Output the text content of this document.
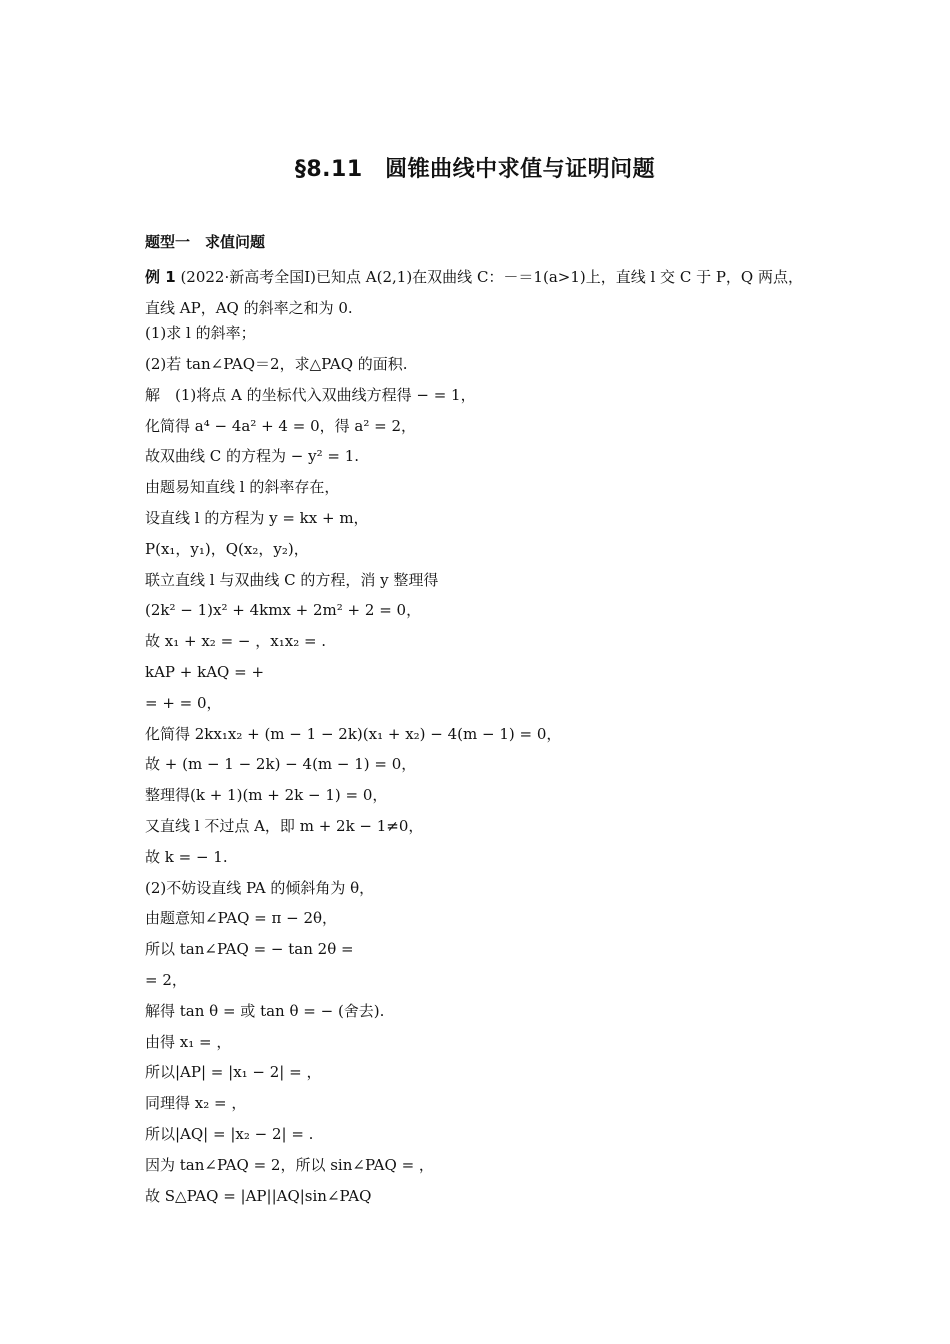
§8.11　圆锥曲线中求值与证明问题
题型一　求值问题
例 1 (2022·新高考全国Ⅰ)已知点 A(2,1)在双曲线 C：－＝1(a>1)上，直线 l 交 C 于 P，Q 两点，直线 AP，AQ 的斜率之和为 0.
(1)求 l 的斜率；
(2)若 tan∠PAQ＝2，求△PAQ 的面积.
解　(1)将点 A 的坐标代入双曲线方程得 − = 1，
化简得 a⁴ − 4a² + 4 = 0，得 a² = 2，
故双曲线 C 的方程为 − y² = 1.
由题易知直线 l 的斜率存在，
设直线 l 的方程为 y = kx + m，
P(x₁，y₁)，Q(x₂，y₂)，
联立直线 l 与双曲线 C 的方程，消 y 整理得
(2k² − 1)x² + 4kmx + 2m² + 2 = 0，
故 x₁ + x₂ = − ，x₁x₂ = .
kAP + kAQ = +
= + = 0，
化简得 2kx₁x₂ + (m − 1 − 2k)(x₁ + x₂) − 4(m − 1) = 0，
故 + (m − 1 − 2k) − 4(m − 1) = 0，
整理得(k + 1)(m + 2k − 1) = 0，
又直线 l 不过点 A，即 m + 2k − 1≠0，
故 k = − 1.
(2)不妨设直线 PA 的倾斜角为 θ，
由题意知∠PAQ = π − 2θ，
所以 tan∠PAQ = − tan 2θ =
= 2，
解得 tan θ = 或 tan θ = − (舍去).
由得 x₁ = ，
所以|AP| = |x₁ − 2| = ，
同理得 x₂ = ，
所以|AQ| = |x₂ − 2| = .
因为 tan∠PAQ = 2，所以 sin∠PAQ = ，
故 S△PAQ = |AP||AQ|sin∠PAQ
